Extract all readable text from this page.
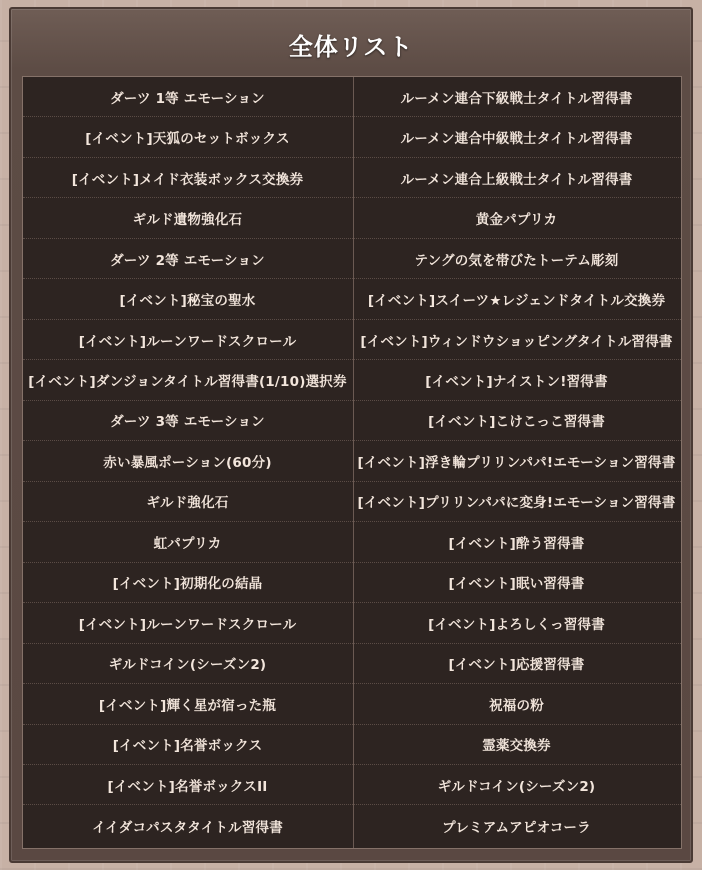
全体リスト
ダーツ 1等 エモーション	ルーメン連合下級戦士タイトル習得書
[イベント]天狐のセットボックス	ルーメン連合中級戦士タイトル習得書
[イベント]メイド衣装ボックス交換券	ルーメン連合上級戦士タイトル習得書
ギルド遺物強化石	黄金パプリカ
ダーツ 2等 エモーション	テングの気を帯びたトーテム彫刻
[イベント]秘宝の聖水	[イベント]スイーツ★レジェンドタイトル交換券
[イベント]ルーンワードスクロール	[イベント]ウィンドウショッピングタイトル習得書
[イベント]ダンジョンタイトル習得書(1/10)選択券	[イベント]ナイストン!習得書
ダーツ 3等 エモーション	[イベント]こけこっこ習得書
赤い暴風ポーション(60分)	[イベント]浮き輪プリリンパパ!エモーション習得書
ギルド強化石	[イベント]プリリンパパに変身!エモーション習得書
虹パプリカ	[イベント]酔う習得書
[イベント]初期化の結晶	[イベント]眠い習得書
[イベント]ルーンワードスクロール	[イベント]よろしくっ習得書
ギルドコイン(シーズン2)	[イベント]応援習得書
[イベント]輝く星が宿った瓶	祝福の粉
[イベント]名誉ボックス	霊薬交換券
[イベント]名誉ボックスII	ギルドコイン(シーズン2)
イイダコパスタタイトル習得書	プレミアムアピオコーラ
